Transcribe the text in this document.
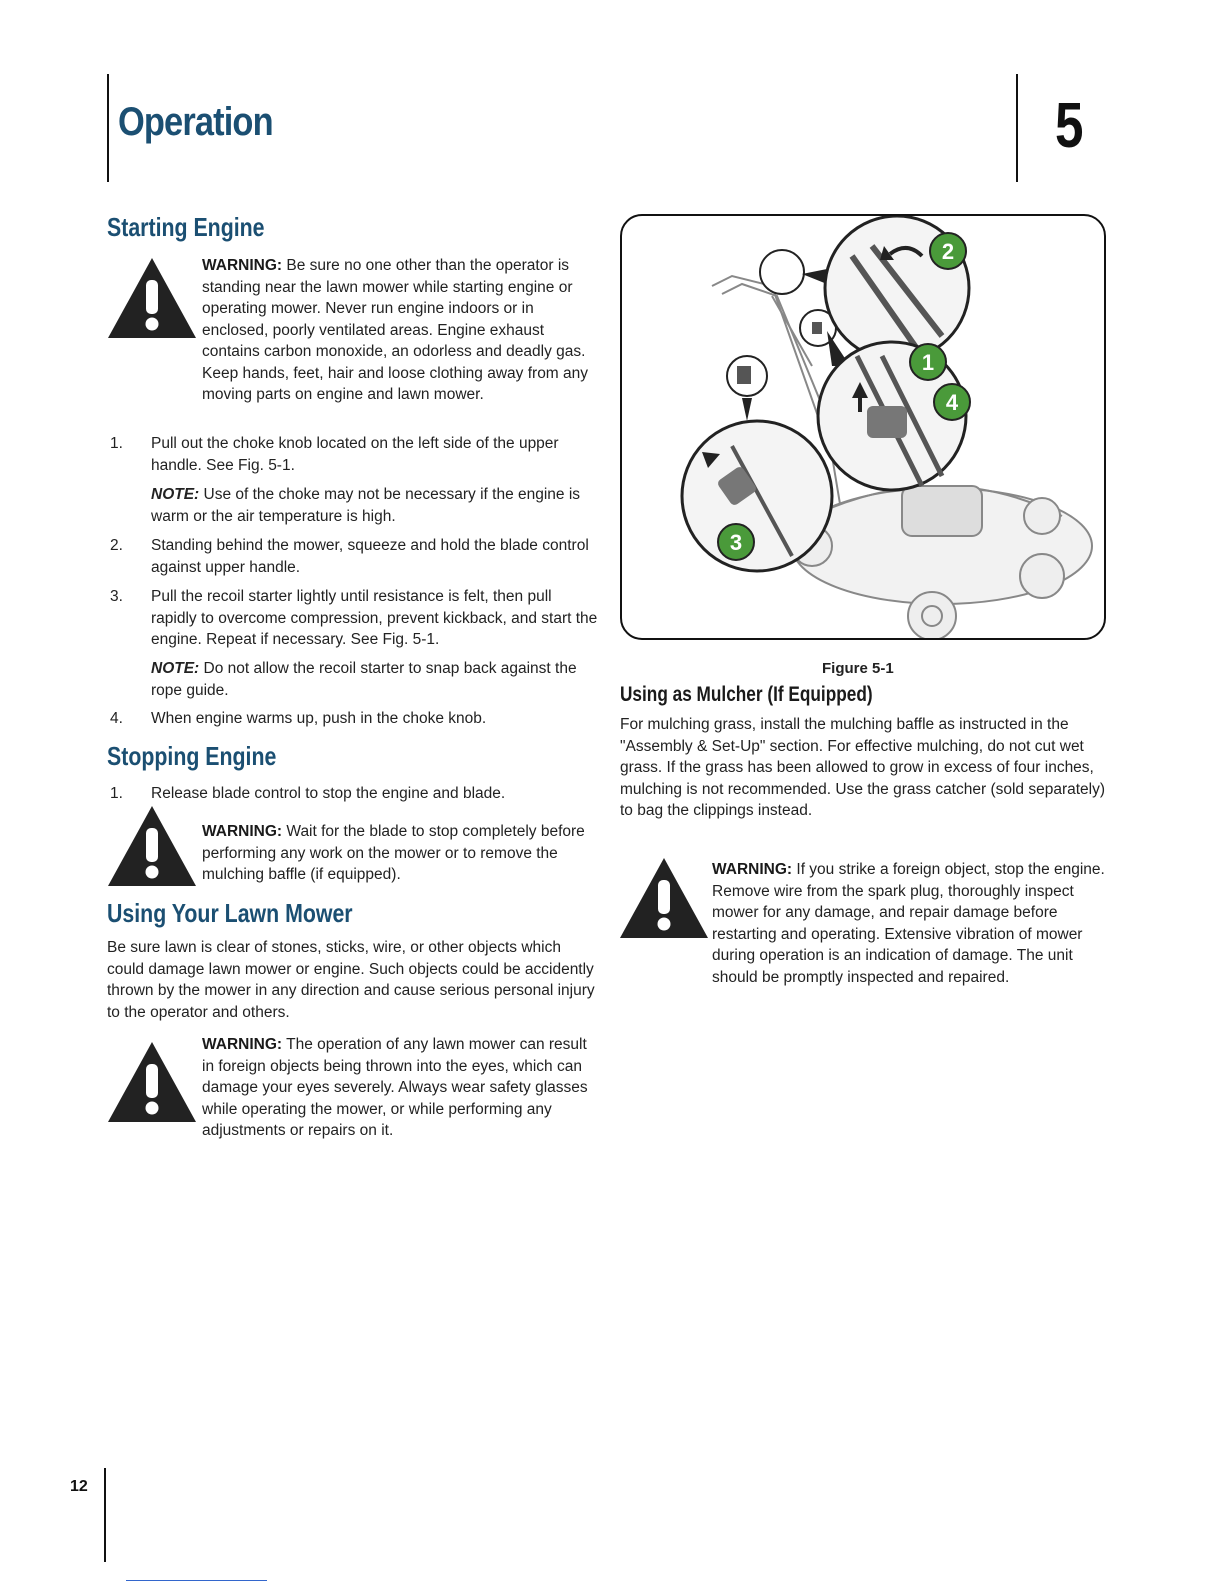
Operation	5
Starting Engine
WARNING: Be sure no one other than the operator is standing near the lawn mower while starting engine or operating mower. Never run engine indoors or in enclosed, poorly ventilated areas. Engine exhaust contains carbon monoxide, an odorless and deadly gas. Keep hands, feet, hair and loose clothing away from any moving parts on engine and lawn mower.
1. Pull out the choke knob located on the left side of the upper handle. See Fig. 5-1.
NOTE: Use of the choke may not be necessary if the engine is warm or the air temperature is high.
2. Standing behind the mower, squeeze and hold the blade control against upper handle.
3. Pull the recoil starter lightly until resistance is felt, then pull rapidly to overcome compression, prevent kickback, and start the engine. Repeat if necessary. See Fig. 5-1.
NOTE: Do not allow the recoil starter to snap back against the rope guide.
4. When engine warms up, push in the choke knob.
Stopping Engine
1. Release blade control to stop the engine and blade.
WARNING: Wait for the blade to stop completely before performing any work on the mower or to remove the mulching baffle (if equipped).
Using Your Lawn Mower
Be sure lawn is clear of stones, sticks, wire, or other objects which could damage lawn mower or engine. Such objects could be accidently thrown by the mower in any direction and cause serious personal injury to the operator and others.
WARNING: The operation of any lawn mower can result in foreign objects being thrown into the eyes, which can damage your eyes severely. Always wear safety glasses while operating the mower, or while performing any adjustments or repairs on it.
2
1
4
3
Figure 5-1
Using as Mulcher (If Equipped)
For mulching grass, install the mulching baffle as instructed in the "Assembly & Set-Up" section. For effective mulching, do not cut wet grass. If the grass has been allowed to grow in excess of four inches, mulching is not recommended. Use the grass catcher (sold separately) to bag the clippings instead.
WARNING: If you strike a foreign object, stop the engine. Remove wire from the spark plug, thoroughly inspect mower for any damage, and repair damage before restarting and operating. Extensive vibration of mower during operation is an indication of damage. The unit should be promptly inspected and repaired.
12
